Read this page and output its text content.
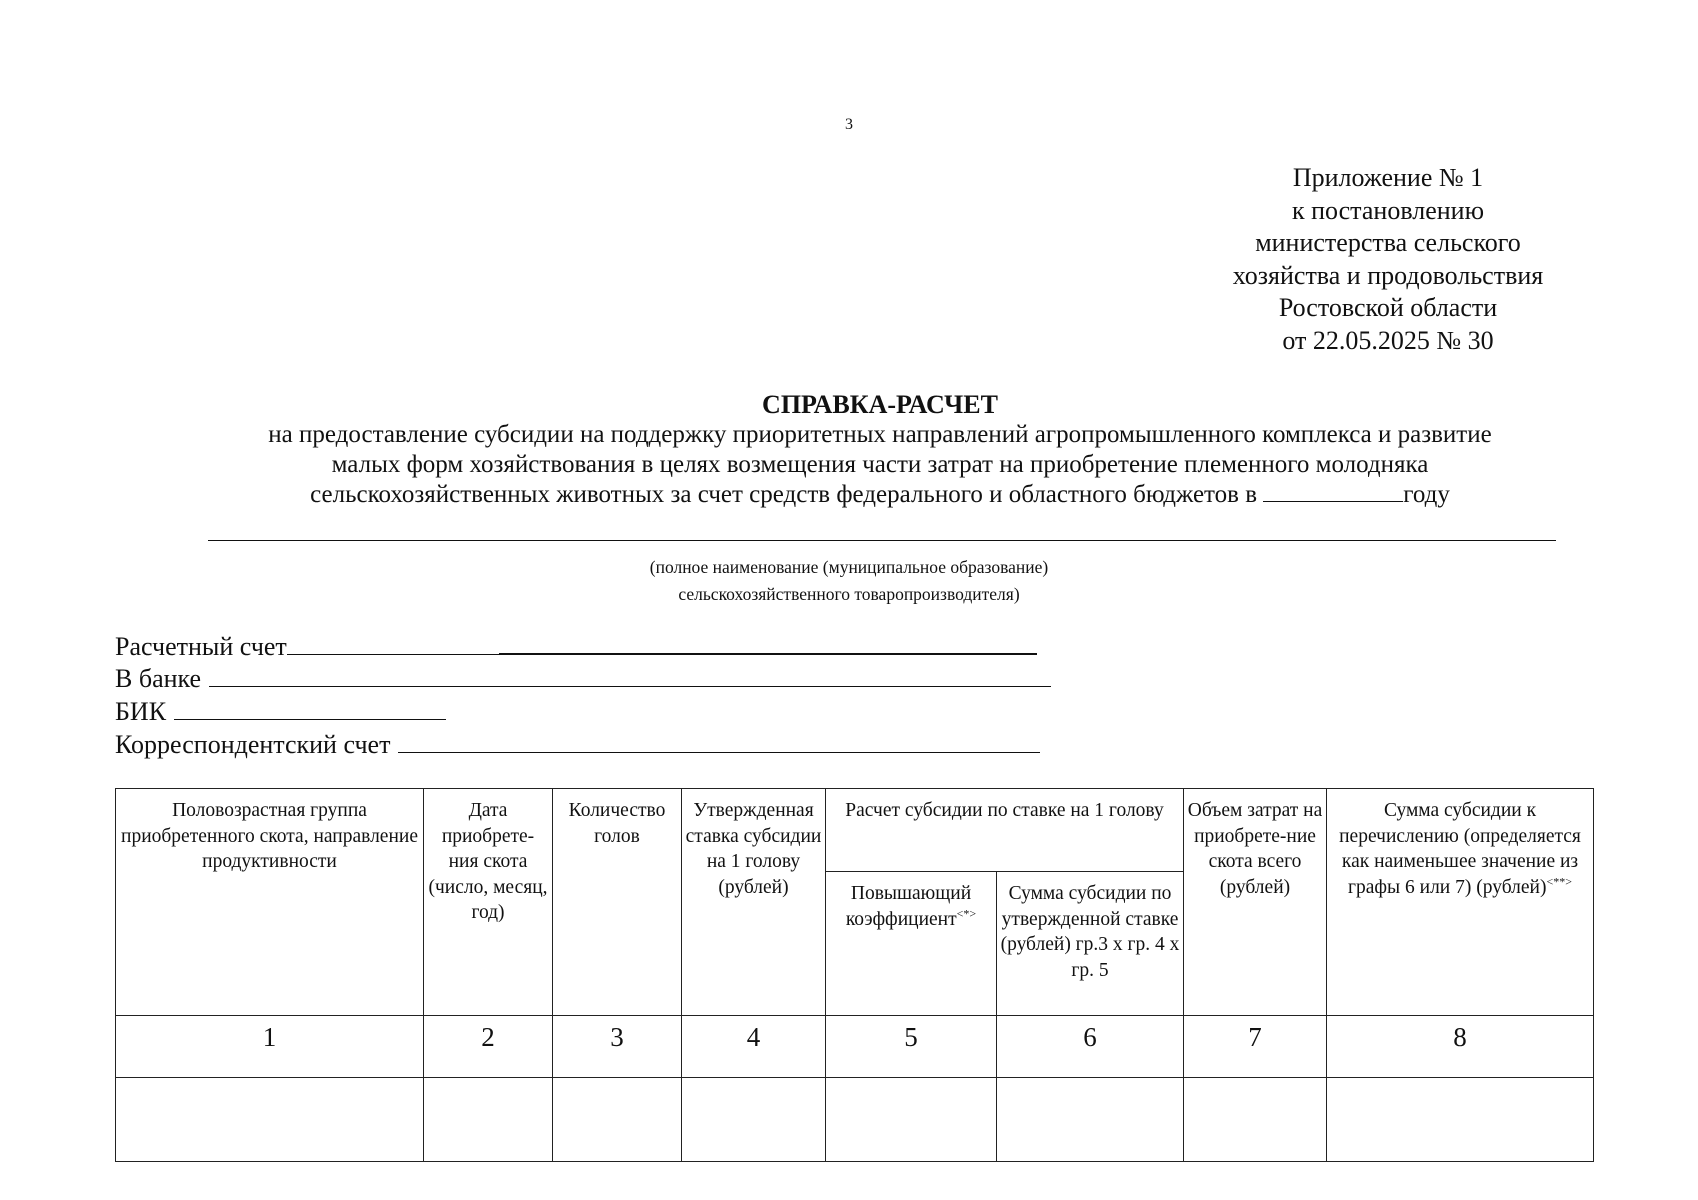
3
Приложение № 1
к постановлению
министерства сельского
хозяйства и продовольствия
Ростовской области
от 22.05.2025 № 30
СПРАВКА-РАСЧЕТ
на предоставление субсидии на поддержку приоритетных направлений агропромышленного комплекса и развитие
малых форм хозяйствования в целях возмещения части затрат на приобретение племенного молодняка
сельскохозяйственных животных за счет средств федерального и областного бюджетов в	году
(полное наименование (муниципальное образование)
сельскохозяйственного товаропроизводителя)
Расчетный счет
В банке
БИК
Корреспондентский счет
Половозрастная группа приобретенного скота, направление продуктивности	Дата приобрете-ния скота (число, месяц, год)	Количество голов	Утвержденная ставка субсидии на 1 голову (рублей)	Расчет субсидии по ставке на 1 голову		Объем затрат на приобрете-ние скота всего (рублей)	Сумма субсидии к перечислению (определяется как наименьшее значение из графы 6 или 7) (рублей)<**>
				Повышающий коэффициент<*>	Сумма субсидии по утвержденной ставке (рублей) гр.3 х гр. 4 х гр. 5		
1	2	3	4	5	6	7	8
